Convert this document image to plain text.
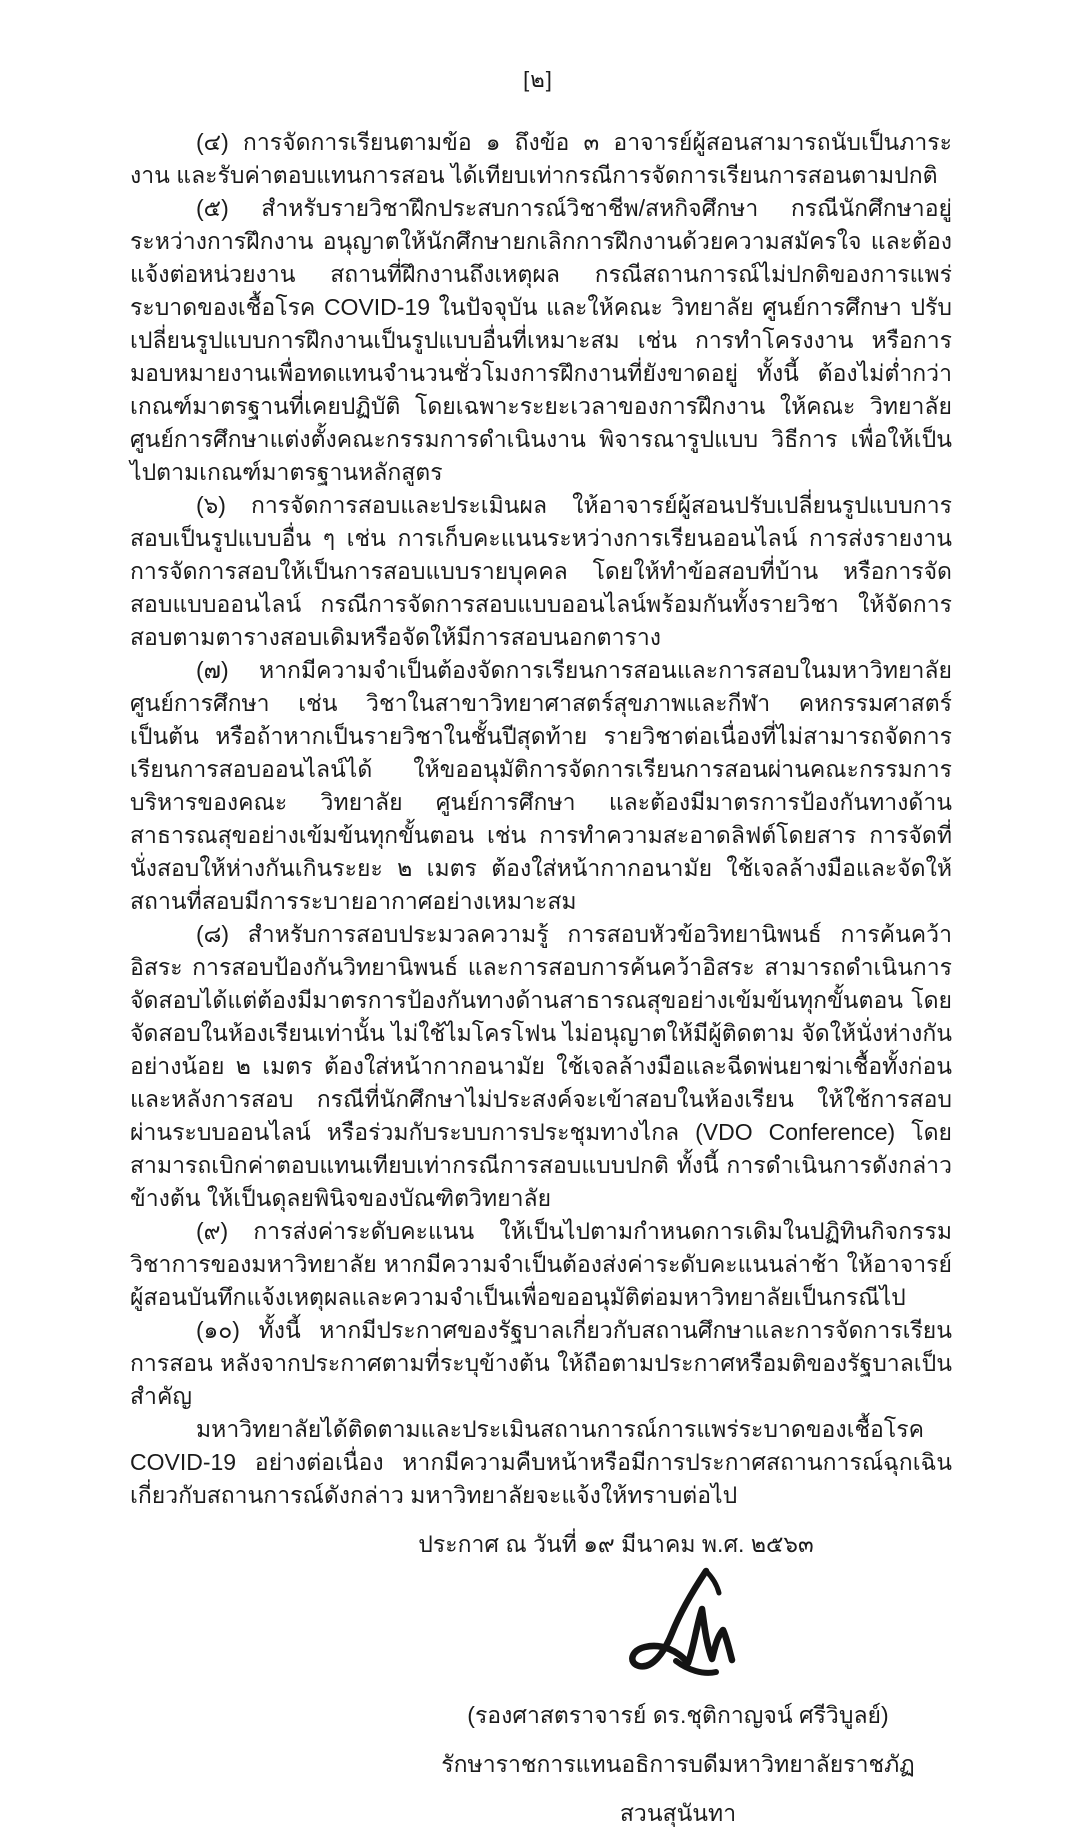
[๒]

(๔) การจัดการเรียนตามข้อ ๑ ถึงข้อ ๓ อาจารย์ผู้สอนสามารถนับเป็นภาระงาน และรับค่าตอบแทนการสอน ได้เทียบเท่ากรณีการจัดการเรียนการสอนตามปกติ

(๕) สำหรับรายวิชาฝึกประสบการณ์วิชาชีพ/สหกิจศึกษา กรณีนักศึกษาอยู่ระหว่างการฝึกงาน อนุญาตให้นักศึกษายกเลิกการฝึกงานด้วยความสมัครใจ และต้องแจ้งต่อหน่วยงาน สถานที่ฝึกงานถึงเหตุผล กรณีสถานการณ์ไม่ปกติของการแพร่ระบาดของเชื้อโรค COVID-19 ในปัจจุบัน และให้คณะ วิทยาลัย ศูนย์การศึกษา ปรับเปลี่ยนรูปแบบการฝึกงานเป็นรูปแบบอื่นที่เหมาะสม เช่น การทำโครงงาน หรือการมอบหมายงานเพื่อทดแทนจำนวนชั่วโมงการฝึกงานที่ยังขาดอยู่ ทั้งนี้ ต้องไม่ต่ำกว่าเกณฑ์มาตรฐานที่เคยปฏิบัติ โดยเฉพาะระยะเวลาของการฝึกงาน ให้คณะ วิทยาลัย ศูนย์การศึกษาแต่งตั้งคณะกรรมการดำเนินงาน พิจารณารูปแบบ วิธีการ เพื่อให้เป็นไปตามเกณฑ์มาตรฐานหลักสูตร

(๖) การจัดการสอบและประเมินผล ให้อาจารย์ผู้สอนปรับเปลี่ยนรูปแบบการสอบเป็นรูปแบบอื่น ๆ เช่น การเก็บคะแนนระหว่างการเรียนออนไลน์ การส่งรายงาน การจัดการสอบให้เป็นการสอบแบบรายบุคคล โดยให้ทำข้อสอบที่บ้าน หรือการจัดสอบแบบออนไลน์ กรณีการจัดการสอบแบบออนไลน์พร้อมกันทั้งรายวิชา ให้จัดการสอบตามตารางสอบเดิมหรือจัดให้มีการสอบนอกตาราง

(๗) หากมีความจำเป็นต้องจัดการเรียนการสอนและการสอบในมหาวิทยาลัย ศูนย์การศึกษา เช่น วิชาในสาขาวิทยาศาสตร์สุขภาพและกีฬา คหกรรมศาสตร์ เป็นต้น หรือถ้าหากเป็นรายวิชาในชั้นปีสุดท้าย รายวิชาต่อเนื่องที่ไม่สามารถจัดการเรียนการสอบออนไลน์ได้ ให้ขออนุมัติการจัดการเรียนการสอนผ่านคณะกรรมการบริหารของคณะ วิทยาลัย ศูนย์การศึกษา และต้องมีมาตรการป้องกันทางด้านสาธารณสุขอย่างเข้มข้นทุกขั้นตอน เช่น การทำความสะอาดลิฟต์โดยสาร การจัดที่นั่งสอบให้ห่างกันเกินระยะ ๒ เมตร ต้องใส่หน้ากากอนามัย ใช้เจลล้างมือและจัดให้สถานที่สอบมีการระบายอากาศอย่างเหมาะสม

(๘) สำหรับการสอบประมวลความรู้ การสอบหัวข้อวิทยานิพนธ์ การค้นคว้าอิสระ การสอบป้องกันวิทยานิพนธ์ และการสอบการค้นคว้าอิสระ สามารถดำเนินการจัดสอบได้แต่ต้องมีมาตรการป้องกันทางด้านสาธารณสุขอย่างเข้มข้นทุกขั้นตอน โดยจัดสอบในห้องเรียนเท่านั้น ไม่ใช้ไมโครโฟน ไม่อนุญาตให้มีผู้ติดตาม จัดให้นั่งห่างกันอย่างน้อย ๒ เมตร ต้องใส่หน้ากากอนามัย ใช้เจลล้างมือและฉีดพ่นยาฆ่าเชื้อทั้งก่อนและหลังการสอบ กรณีที่นักศึกษาไม่ประสงค์จะเข้าสอบในห้องเรียน ให้ใช้การสอบผ่านระบบออนไลน์ หรือร่วมกับระบบการประชุมทางไกล (VDO Conference) โดยสามารถเบิกค่าตอบแทนเทียบเท่ากรณีการสอบแบบปกติ ทั้งนี้ การดำเนินการดังกล่าวข้างต้น ให้เป็นดุลยพินิจของบัณฑิตวิทยาลัย

(๙) การส่งค่าระดับคะแนน ให้เป็นไปตามกำหนดการเดิมในปฏิทินกิจกรรมวิชาการของมหาวิทยาลัย หากมีความจำเป็นต้องส่งค่าระดับคะแนนล่าช้า ให้อาจารย์ผู้สอนบันทึกแจ้งเหตุผลและความจำเป็นเพื่อขออนุมัติต่อมหาวิทยาลัยเป็นกรณีไป

(๑๐) ทั้งนี้ หากมีประกาศของรัฐบาลเกี่ยวกับสถานศึกษาและการจัดการเรียนการสอน หลังจากประกาศตามที่ระบุข้างต้น ให้ถือตามประกาศหรือมติของรัฐบาลเป็นสำคัญ

มหาวิทยาลัยได้ติดตามและประเมินสถานการณ์การแพร่ระบาดของเชื้อโรค COVID-19 อย่างต่อเนื่อง หากมีความคืบหน้าหรือมีการประกาศสถานการณ์ฉุกเฉินเกี่ยวกับสถานการณ์ดังกล่าว มหาวิทยาลัยจะแจ้งให้ทราบต่อไป

ประกาศ ณ วันที่ ๑๙ มีนาคม พ.ศ. ๒๕๖๓
(รองศาสตราจารย์ ดร.ชุติกาญจน์ ศรีวิบูลย์)
รักษาราชการแทนอธิการบดีมหาวิทยาลัยราชภัฏสวนสุนันทา
